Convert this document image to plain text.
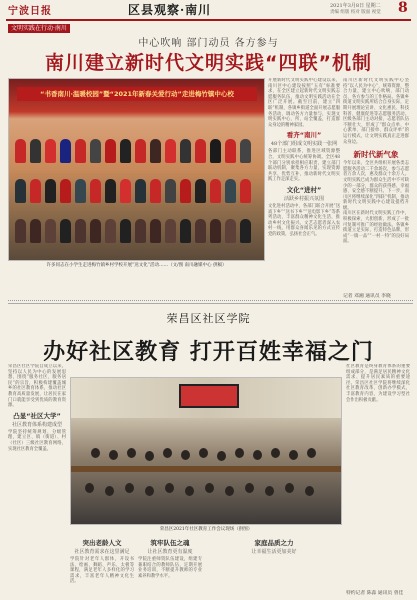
宁波日报	区县观察·南川	2021年3月8日 星期二
责编 组版 校对 版面 视觉 8
文明实践在行动·南川
中心吹响 部门动员 各方参与
南川建立新时代文明实践“四联”机制
“书香南川·温暖校园”暨“2021年新春关爱行动”走进梅竹镇中心校
许多同志在小学生走进梅竹镇乡村学校开展“送文化”活动……（文/图 南川融媒中心 供稿）
开展新时代文明实践中心建设以来，南川区中心建设按照“五有”标准要求，在全区建立起新时代文明实践志愿服务队伍，推动文明实践活动在全区广泛开展。截至目前，建立“四联”机制，各镇乡街道全面开展志愿服务活动，调动各方力量参与，实现文明实践中心、所、站全覆盖，打造群众身边的精神家园。
看齐“南川”
48个部门组成文明实践一张网
各部门主动联系，推进区域资源整合，文明实践中心统筹协调。全区48个部门分别承担相应职责，建立部门联动机制，聚集各方力量，实现资源共享、优势互补，推动新时代文明实践工作走深走实。
文化“进村”
活跃乡村振兴氛围
文化进村活动中，各部门联合开展“送戏下乡”“送书下乡”“送电影下乡”等系列活动，丰富群众精神文化生活，推动乡村文化振兴。文艺志愿者深入农村一线，用群众喜闻乐见的方式宣传党的政策，弘扬社会正气。
南川区新时代文明实践中心坚持“以人民为中心”，统筹资源，整合力量，建立中心吹响、部门动员、各方参与的工作格局。各镇乡街道文明实践所结合自身实际，定期开展理论宣讲、文化惠民、科技科普、健康促进等志愿服务活动。区级各部门主动对接，志愿者队伍不断壮大，形成了“群众点单、中心派单、部门接单、群众评单”的运行模式，让文明实践真正走进群众身边。
新时代新气象
今年以来，全区共组织开展各类志愿服务活动二千余场次，参与志愿者万余人次，惠及群众十余万人。文明实践已成为群众生活中不可缺少的一部分，群众的获得感、幸福感、安全感不断提升。下一步，南川区将继续深化“四联”机制，推动新时代文明实践中心建设提档升级。
南川区在新时代文明实践工作中，积极探索，大胆创新，形成了一批可复制可推广的经验做法。各镇乡街道立足实际，打造特色品牌，形成“一镇一品”“一村一特”的良好局面。
记者 邓湘 通讯员 李晓
荣昌区社区学院
办好社区教育 打开百姓幸福之门
荣昌区社区学院自成立以来，坚持以人民为中心的发展思想，围绕“服务社区、服务居民”的宗旨，积极构建覆盖城乡的社区教育体系，推动社区教育高质量发展，让居民在家门口就能享受到优质的教育资源。
凸显“社区大学”
社区教育体系构建成型
学院坚持统筹规划、分级管理，建立区、镇（街道）、村（社区）三级社区教育网络，实现社区教育全覆盖。
荣昌区2021年社区教育工作会议现场（供图）
突出老龄人文
社区教育需求在这里满足
学院针对老年人群体，开设书法、绘画、舞蹈、声乐、太极等课程，满足老年人多样化的学习需求，丰富老年人精神文化生活。
筑牢队伍之魂
让社区教育更有温度
学院注重师资队伍建设，组建专兼职结合的教师队伍，定期开展业务培训，不断提升教师的专业素养和教学水平。
家庭品质之力
让幸福生活更加美好
社区教育是终身教育体系的重要组成部分，是满足居民精神文化需求、提升居民素质的重要途径。荣昌区社区学院将继续深化社区教育改革，创新办学模式，丰富教育内容，为建设学习型社会作出积极贡献。
特约记者 陈淼 通讯员 曾佳
